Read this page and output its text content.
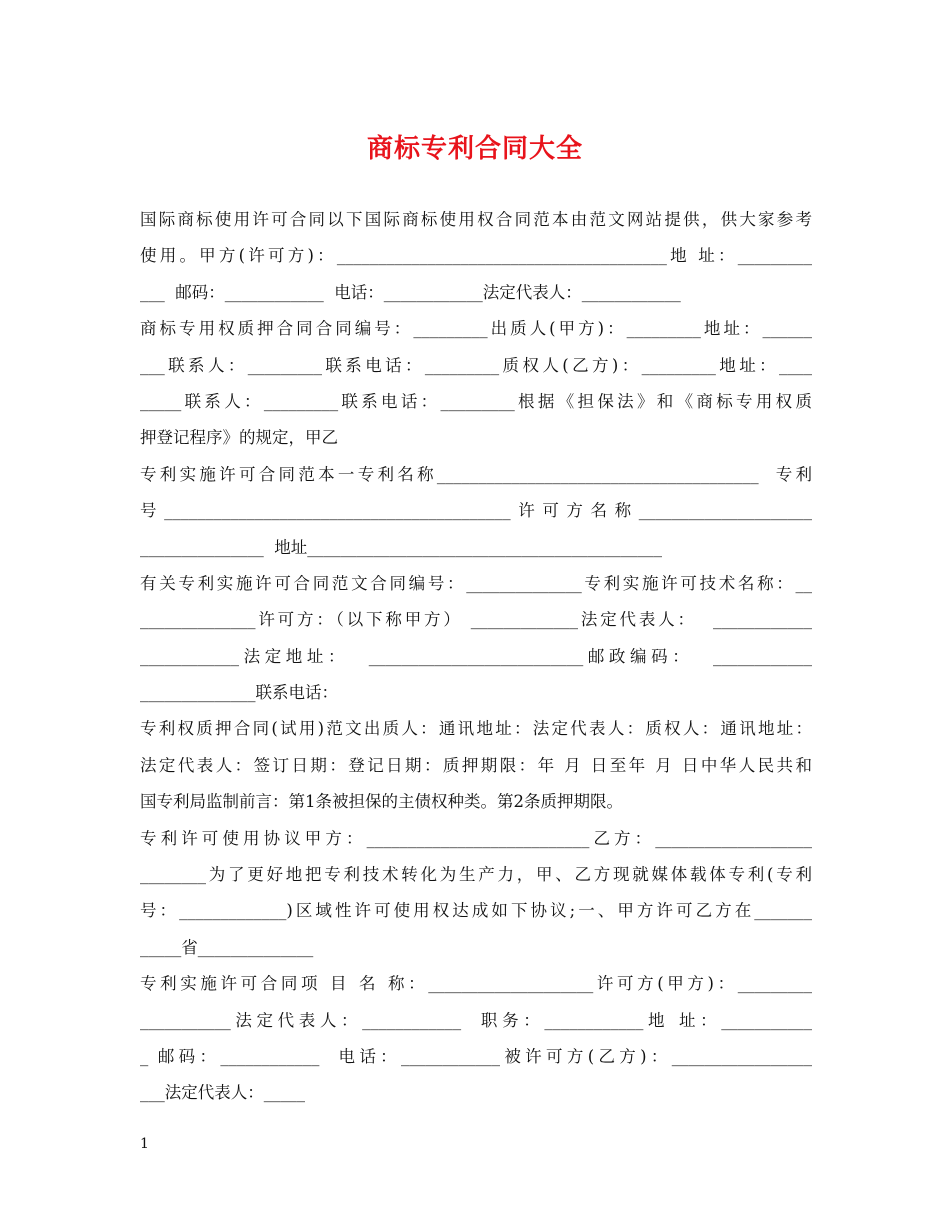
商标专利合同大全
国际商标使用许可合同以下国际商标使用权合同范本由范文网站提供，供大家参考
使用。甲方(许可方)：________________________________________地 址：_________
___  邮码：____________  电话：____________法定代表人：____________
商标专用权质押合同合同编号：_________出质人(甲方)：_________地址：______
___联系人：_________联系电话：_________质权人(乙方)：_________地址：____
_____联系人：_________联系电话：_________根据《担保法》和《商标专用权质
押登记程序》的规定，甲乙
专利实施许可合同范本一专利名称_______________________________________  专利
号__________________________________________许可方名称_____________________
_______________  地址___________________________________________
有关专利实施许可合同范文合同编号：______________专利实施许可技术名称：__
______________许可方：（以下称甲方） _____________法定代表人：  ____________
____________法定地址：  __________________________邮政编码：  ____________
______________联系电话：
专利权质押合同(试用)范文出质人：通讯地址：法定代表人：质权人：通讯地址：
法定代表人：签订日期：登记日期：质押期限：年 月 日至年 月 日中华人民共和
国专利局监制前言：第1条被担保的主债权种类。第2条质押期限。
专利许可使用协议甲方：___________________________乙方：___________________
________为了更好地把专利技术转化为生产力，甲、乙方现就媒体载体专利(专利
号：_____________)区域性许可使用权达成如下协议;一、甲方许可乙方在_______
_____省______________
专利实施许可合同项 目 名 称：____________________许可方(甲方)：_________
___________法定代表人：____________  职务：____________地 址：___________
_ 邮码：____________  电话：____________被许可方(乙方)：_________________
___法定代表人：_____
1
